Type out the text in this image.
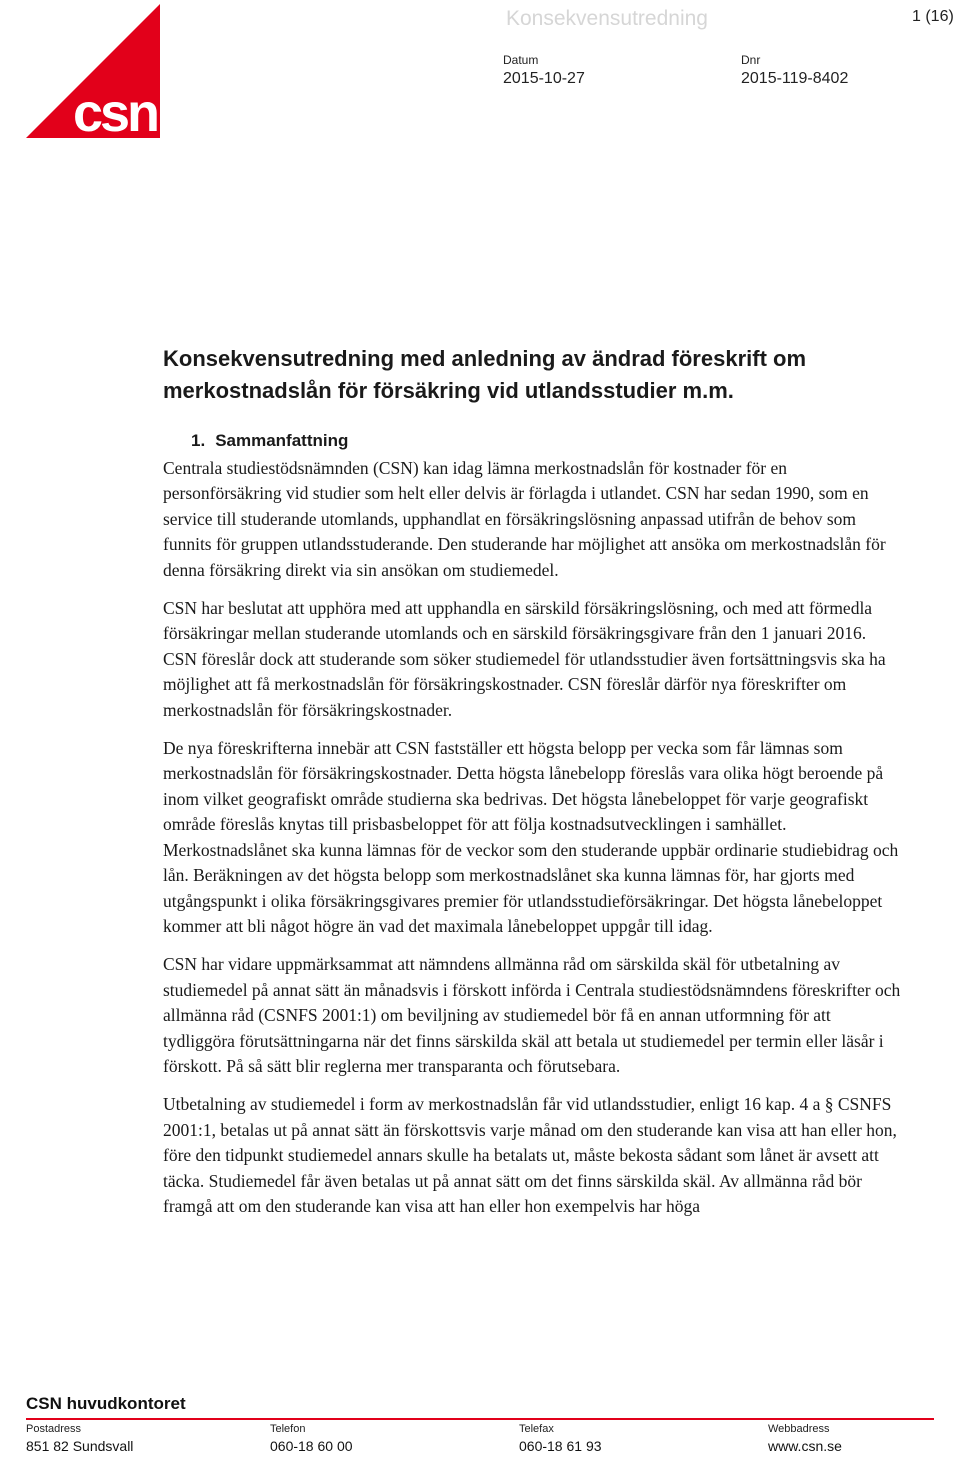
csn
Konsekvensutredning	1 (16)
Datum
2015-10-27
Dnr
2015-119-8402
Konsekvensutredning med anledning av ändrad föreskrift om merkostnadslån för försäkring vid utlandsstudier m.m.
1. Sammanfattning

Centrala studiestödsnämnden (CSN) kan idag lämna merkostnadslån för kostnader för en personförsäkring vid studier som helt eller delvis är förlagda i utlandet. CSN har sedan 1990, som en service till studerande utomlands, upphandlat en försäkringslösning anpassad utifrån de behov som funnits för gruppen utlandsstuderande. Den studerande har möjlighet att ansöka om merkostnadslån för denna försäkring direkt via sin ansökan om studiemedel.

CSN har beslutat att upphöra med att upphandla en särskild försäkringslösning, och med att förmedla försäkringar mellan studerande utomlands och en särskild försäkringsgivare från den 1 januari 2016. CSN föreslår dock att studerande som söker studiemedel för utlandsstudier även fortsättningsvis ska ha möjlighet att få merkostnadslån för försäkringskostnader. CSN föreslår därför nya föreskrifter om merkostnadslån för försäkringskostnader.

De nya föreskrifterna innebär att CSN fastställer ett högsta belopp per vecka som får lämnas som merkostnadslån för försäkringskostnader. Detta högsta lånebelopp föreslås vara olika högt beroende på inom vilket geografiskt område studierna ska bedrivas. Det högsta lånebeloppet för varje geografiskt område föreslås knytas till prisbasbeloppet för att följa kostnadsutvecklingen i samhället. Merkostnadslånet ska kunna lämnas för de veckor som den studerande uppbär ordinarie studiebidrag och lån. Beräkningen av det högsta belopp som merkostnadslånet ska kunna lämnas för, har gjorts med utgångspunkt i olika försäkringsgivares premier för utlandsstudieförsäkringar. Det högsta lånebeloppet kommer att bli något högre än vad det maximala lånebeloppet uppgår till idag.

CSN har vidare uppmärksammat att nämndens allmänna råd om särskilda skäl för utbetalning av studiemedel på annat sätt än månadsvis i förskott införda i Centrala studiestödsnämndens föreskrifter och allmänna råd (CSNFS 2001:1) om beviljning av studiemedel bör få en annan utformning för att tydliggöra förutsättningarna när det finns särskilda skäl att betala ut studiemedel per termin eller läsår i förskott. På så sätt blir reglerna mer transparanta och förutsebara.

Utbetalning av studiemedel i form av merkostnadslån får vid utlandsstudier, enligt 16 kap. 4 a § CSNFS 2001:1, betalas ut på annat sätt än förskottsvis varje månad om den studerande kan visa att han eller hon, före den tidpunkt studiemedel annars skulle ha betalats ut, måste bekosta sådant som lånet är avsett att täcka. Studiemedel får även betalas ut på annat sätt om det finns särskilda skäl. Av allmänna råd bör framgå att om den studerande kan visa att han eller hon exempelvis har höga

CSN huvudkontoret
Postadress
851 82 Sundsvall
Telefon
060-18 60 00
Telefax
060-18 61 93
Webbadress
www.csn.se
